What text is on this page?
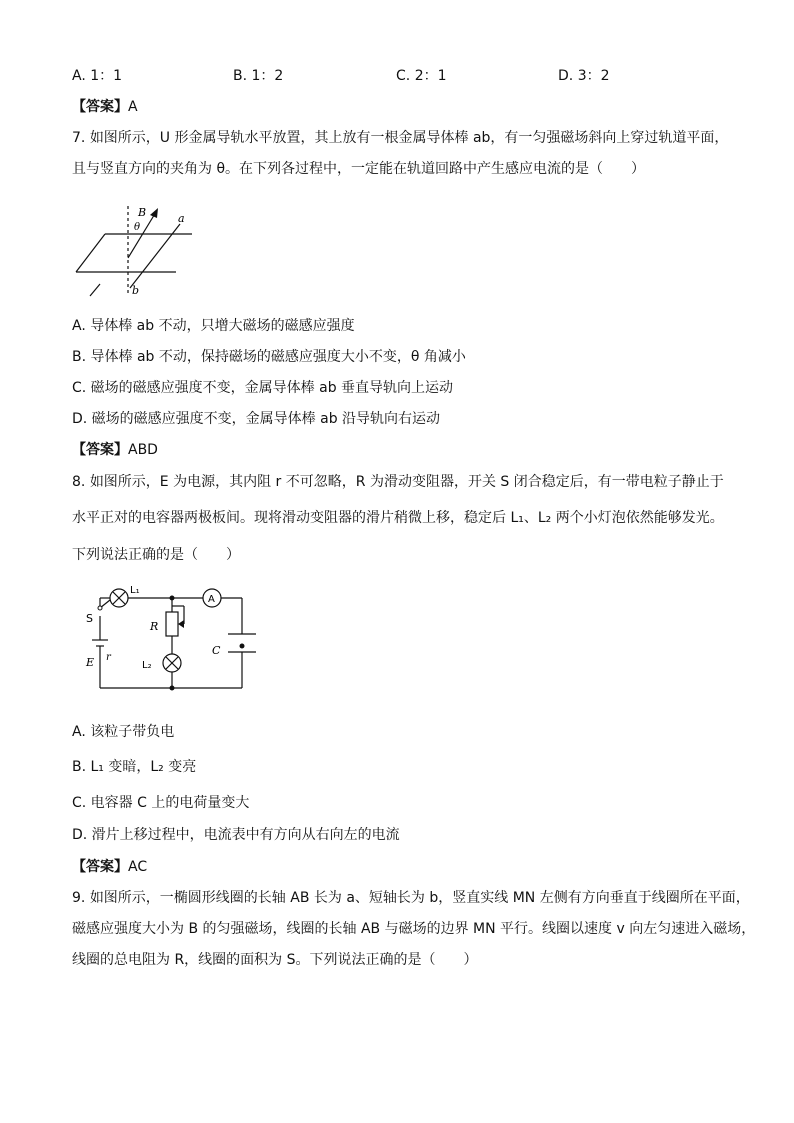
A. 1：1	B. 1：2	C. 2：1	D. 3：2
【答案】A
7. 如图所示，U 形金属导轨水平放置，其上放有一根金属导体棒 ab，有一匀强磁场斜向上穿过轨道平面，
且与竖直方向的夹角为 θ。在下列各过程中，一定能在轨道回路中产生感应电流的是（　　）
B
θ
a
b
A. 导体棒 ab 不动，只增大磁场的磁感应强度
B. 导体棒 ab 不动，保持磁场的磁感应强度大小不变，θ 角减小
C. 磁场的磁感应强度不变，金属导体棒 ab 垂直导轨向上运动
D. 磁场的磁感应强度不变，金属导体棒 ab 沿导轨向右运动
【答案】ABD
8. 如图所示，E 为电源，其内阻 r 不可忽略，R 为滑动变阻器，开关 S 闭合稳定后，有一带电粒子静止于
水平正对的电容器两极板间。现将滑动变阻器的滑片稍微上移，稳定后 L₁、L₂ 两个小灯泡依然能够发光。
下列说法正确的是（　　）
A
L₁
L₂
S
R
E r
C
A. 该粒子带负电
B. L₁ 变暗，L₂ 变亮
C. 电容器 C 上的电荷量变大
D. 滑片上移过程中，电流表中有方向从右向左的电流
【答案】AC
9. 如图所示，一椭圆形线圈的长轴 AB 长为 a、短轴长为 b，竖直实线 MN 左侧有方向垂直于线圈所在平面，
磁感应强度大小为 B 的匀强磁场，线圈的长轴 AB 与磁场的边界 MN 平行。线圈以速度 v 向左匀速进入磁场，
线圈的总电阻为 R，线圈的面积为 S。下列说法正确的是（　　）
